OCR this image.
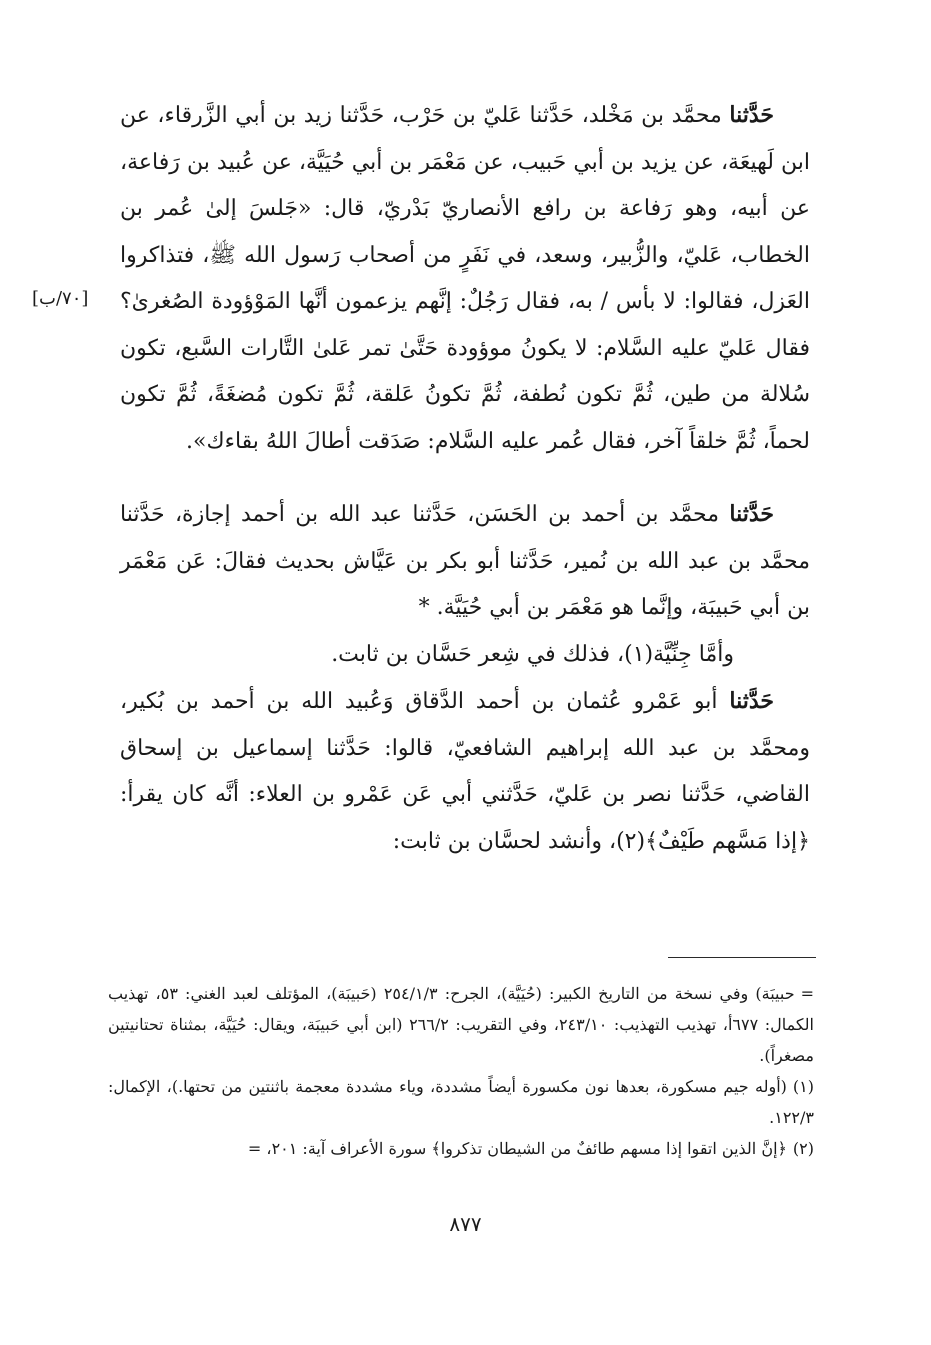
حَدَّثنا محمَّد بن مَخْلد، حَدَّثنا عَليّ بن حَرْب، حَدَّثنا زيد بن أبي الزَّرقاء، عن ابن لَهيعَة، عن يزيد بن أبي حَبيب، عن مَعْمَر بن أبي حُيَيَّة، عن عُبيد بن رَفاعة، عن أبيه، وهو رَفاعة بن رافع الأنصاريّ بَدْريّ، قال: «جَلسَ إلىٰ عُمر بن الخطاب، عَليّ، والزُّبير، وسعد، في نَفَرٍ من أصحاب رَسول الله ﷺ، فتذاكروا العَزل، فقالوا: لا بأس / به، فقال رَجُلٌ: إنَّهم يزعمون أنَّها المَوْؤودة الصُغرىٰ؟ فقال عَليّ عليه السَّلام: لا يكونُ موؤودة حَتَّىٰ تمر عَلىٰ التَّارات السَّبع، تكون سُلالة من طين، ثُمَّ تكون نُطفة، ثُمَّ تكونُ عَلقة، ثُمَّ تكون مُضغَةً، ثُمَّ تكون لحماً، ثُمَّ خلقاً آخر، فقال عُمر عليه السَّلام: صَدَقت أطالَ اللهُ بقاءك».

حَدَّثنا محمَّد بن أحمد بن الحَسَن، حَدَّثنا عبد الله بن أحمد إجازة، حَدَّثنا محمَّد بن عبد الله بن نُمير، حَدَّثنا أبو بكر بن عَيَّاش بحديث فقالَ: عَن مَعْمَر بن أبي حَبيبَة، وإنَّما هو مَعْمَر بن أبي حُيَيَّة. *

وأمَّا جِنِّيَّة(١)، فذلك في شِعر حَسَّان بن ثابت.

حَدَّثنا أبو عَمْرو عُثمان بن أحمد الدَّقاق وَعُبيد الله بن أحمد بن بُكير، ومحمَّد بن عبد الله إبراهيم الشافعيّ، قالوا: حَدَّثنا إسماعيل بن إسحاق القاضي، حَدَّثنا نصر بن عَليّ، حَدَّثني أبي عَن عَمْرو بن العلاء: أنَّه كان يقرأ: ﴿إذا مَسَّهم طَيْفٌ﴾(٢)، وأنشد لحسَّان بن ثابت:

[٧٠/ب]

=حبيبَة) وفي نسخة من التاريخ الكبير: (حُيَيَّة)، الجرح: ٢٥٤/١/٣ (حَبيبَة)، المؤتلف لعبد الغني: ٥٣، تهذيب الكمال: ٦٧٧أ، تهذيب التهذيب: ٢٤٣/١٠، وفي التقريب: ٢٦٦/٢ (ابن أبي حَبيبَة، ويقال: حُيَيَّة، بمثناة تحتانيتين مصغراً).

(١)(أوله جيم مسكورة، بعدها نون مكسورة أيضاً مشددة، وياء مشددة معجمة باثنتين من تحتها.)، الإكمال: ١٢٢/٣.

(٢)﴿إنَّ الذين اتقوا إذا مسهم طائفٌ من الشيطان تذكروا﴾ سورة الأعراف آية: ٢٠١، =

٨٧٧
